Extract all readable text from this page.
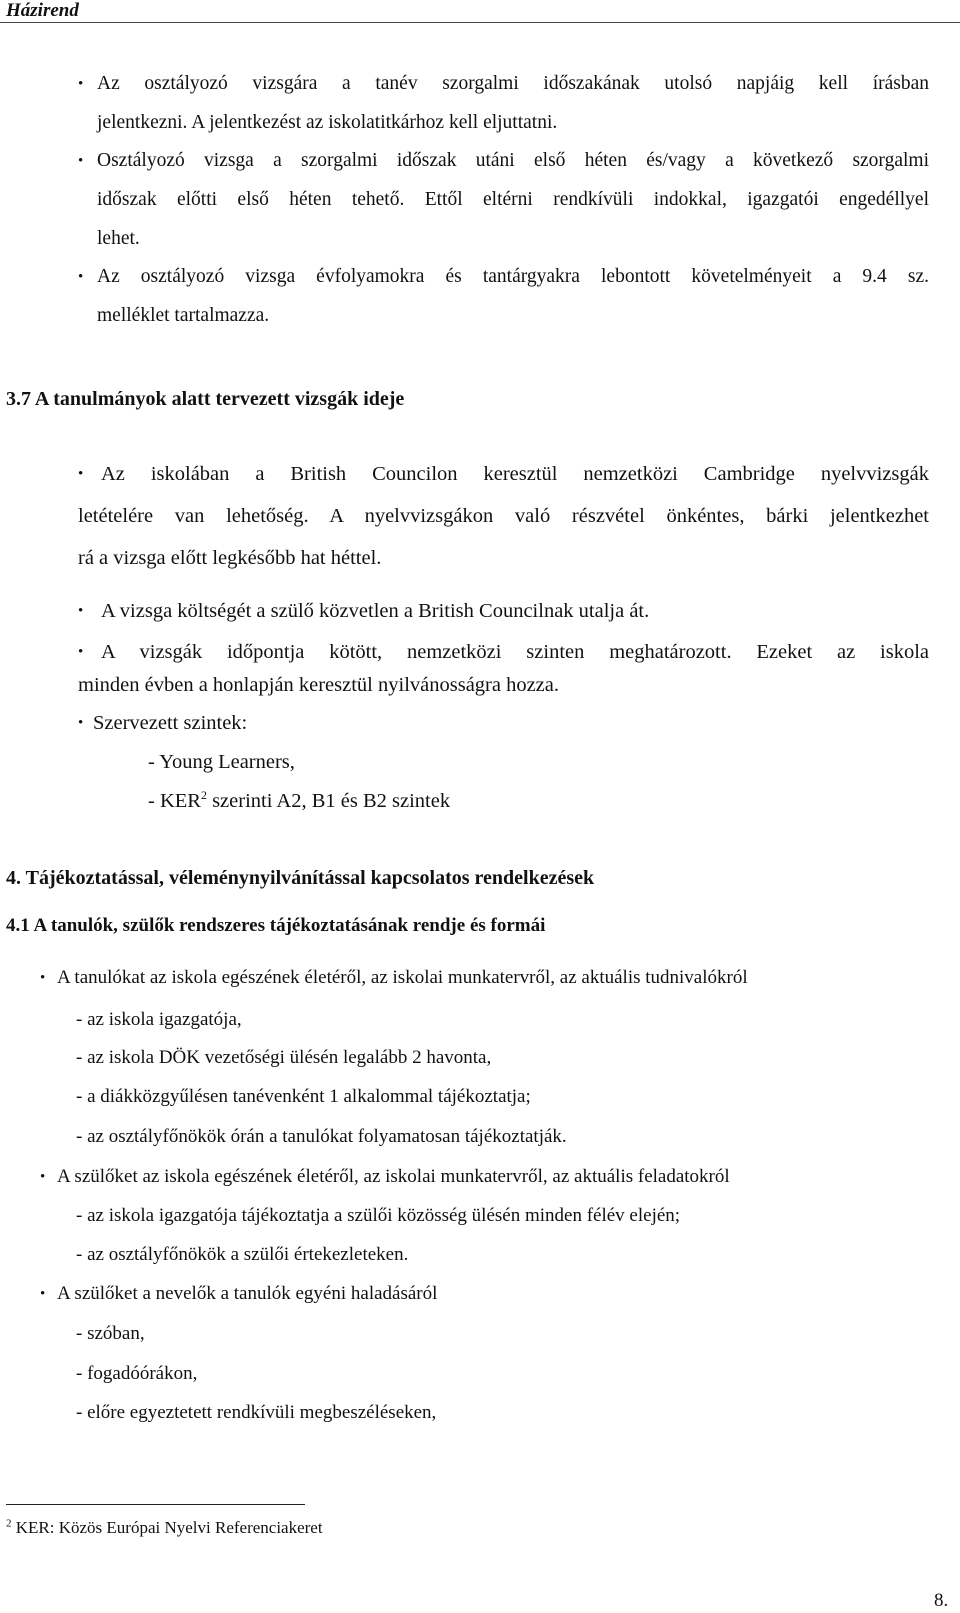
Házirend
• Az osztályozó vizsgára a tanév szorgalmi időszakának utolsó napjáig kell írásban
jelentkezni. A jelentkezést az iskolatitkárhoz kell eljuttatni.
• Osztályozó vizsga a szorgalmi időszak utáni első héten és/vagy a következő szorgalmi
időszak előtti első héten tehető. Ettől eltérni rendkívüli indokkal, igazgatói engedéllyel
lehet.
• Az osztályozó vizsga évfolyamokra és tantárgyakra lebontott követelményeit a 9.4 sz.
melléklet tartalmazza.
3.7 A tanulmányok alatt tervezett vizsgák ideje
• Az iskolában a British Councilon keresztül nemzetközi Cambridge nyelvvizsgák
letételére van lehetőség. A nyelvvizsgákon való részvétel önkéntes, bárki jelentkezhet
rá a vizsga előtt legkésőbb hat héttel.
• A vizsga költségét a szülő közvetlen a British Councilnak utalja át.
• A vizsgák időpontja kötött, nemzetközi szinten meghatározott. Ezeket az iskola
minden évben a honlapján keresztül nyilvánosságra hozza.
• Szervezett szintek:
- Young Learners,
- KER$^2$ szerinti A2, B1 és B2 szintek
4. Tájékoztatással, véleménynyilvánítással kapcsolatos rendelkezések
4.1 A tanulók, szülők rendszeres tájékoztatásának rendje és formái
• A tanulókat az iskola egészének életéről, az iskolai munkatervről, az aktuális tudnivalókról
- az iskola igazgatója,
- az iskola DÖK vezetőségi ülésén legalább 2 havonta,
- a diákközgyűlésen tanévenként 1 alkalommal tájékoztatja;
- az osztályfőnökök órán a tanulókat folyamatosan tájékoztatják.
• A szülőket az iskola egészének életéről, az iskolai munkatervről, az aktuális feladatokról
- az iskola igazgatója tájékoztatja a szülői közösség ülésén minden félév elején;
- az osztályfőnökök a szülői értekezleteken.
• A szülőket a nevelők a tanulók egyéni haladásáról
- szóban,
- fogadóórákon,
- előre egyeztetett rendkívüli megbeszéléseken,
$^2$ KER: Közös Európai Nyelvi Referenciakeret
8.
